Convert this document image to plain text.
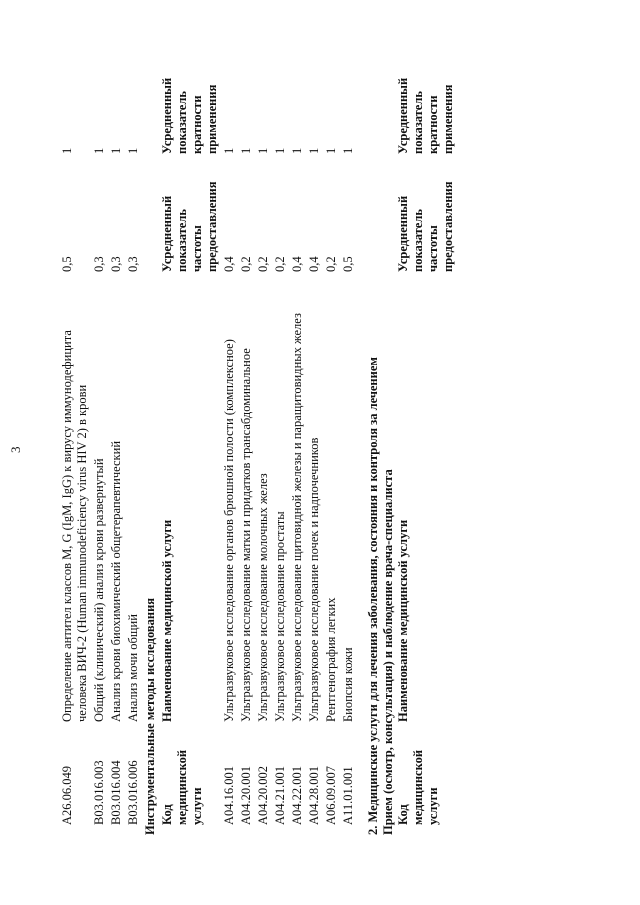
3
A26.06.049
Определение антител классов M, G (IgM, IgG) к вирусу иммунодефицита человека ВИЧ-2 (Human immunodeficiency virus HIV 2) в крови
0,5
1
B03.016.003
Общий (клинический) анализ крови развернутый
0,3
1
B03.016.004
Анализ крови биохимический общетерапевтический
0,3
1
B03.016.006
Анализ мочи общий
0,3
1
Инструментальные методы исследования Код медицинской услуги
Наименование медицинской услуги
Усредненный показатель частоты предоставления
Усредненный показатель кратности применения
A04.16.001
Ультразвуковое исследование органов брюшной полости (комплексное)
0,4
1
A04.20.001
Ультразвуковое исследование матки и придатков трансабдоминальное
0,2
1
A04.20.002
Ультразвуковое исследование молочных желез
0,2
1
A04.21.001
Ультразвуковое исследование простаты
0,2
1
A04.22.001
Ультразвуковое исследование щитовидной железы и паращитовидных желез
0,4
1
A04.28.001
Ультразвуковое исследование почек и надпочечников
0,4
1
A06.09.007
Рентгенография легких
0,2
1
A11.01.001
Биопсия кожи
0,5
1
2. Медицинские услуги для лечения заболевания, состояния и контроля за лечением Прием (осмотр, консультация) и наблюдение врача-специалиста Код медицинской услуги
Наименование медицинской услуги
Усредненный показатель частоты предоставления
Усредненный показатель кратности применения
